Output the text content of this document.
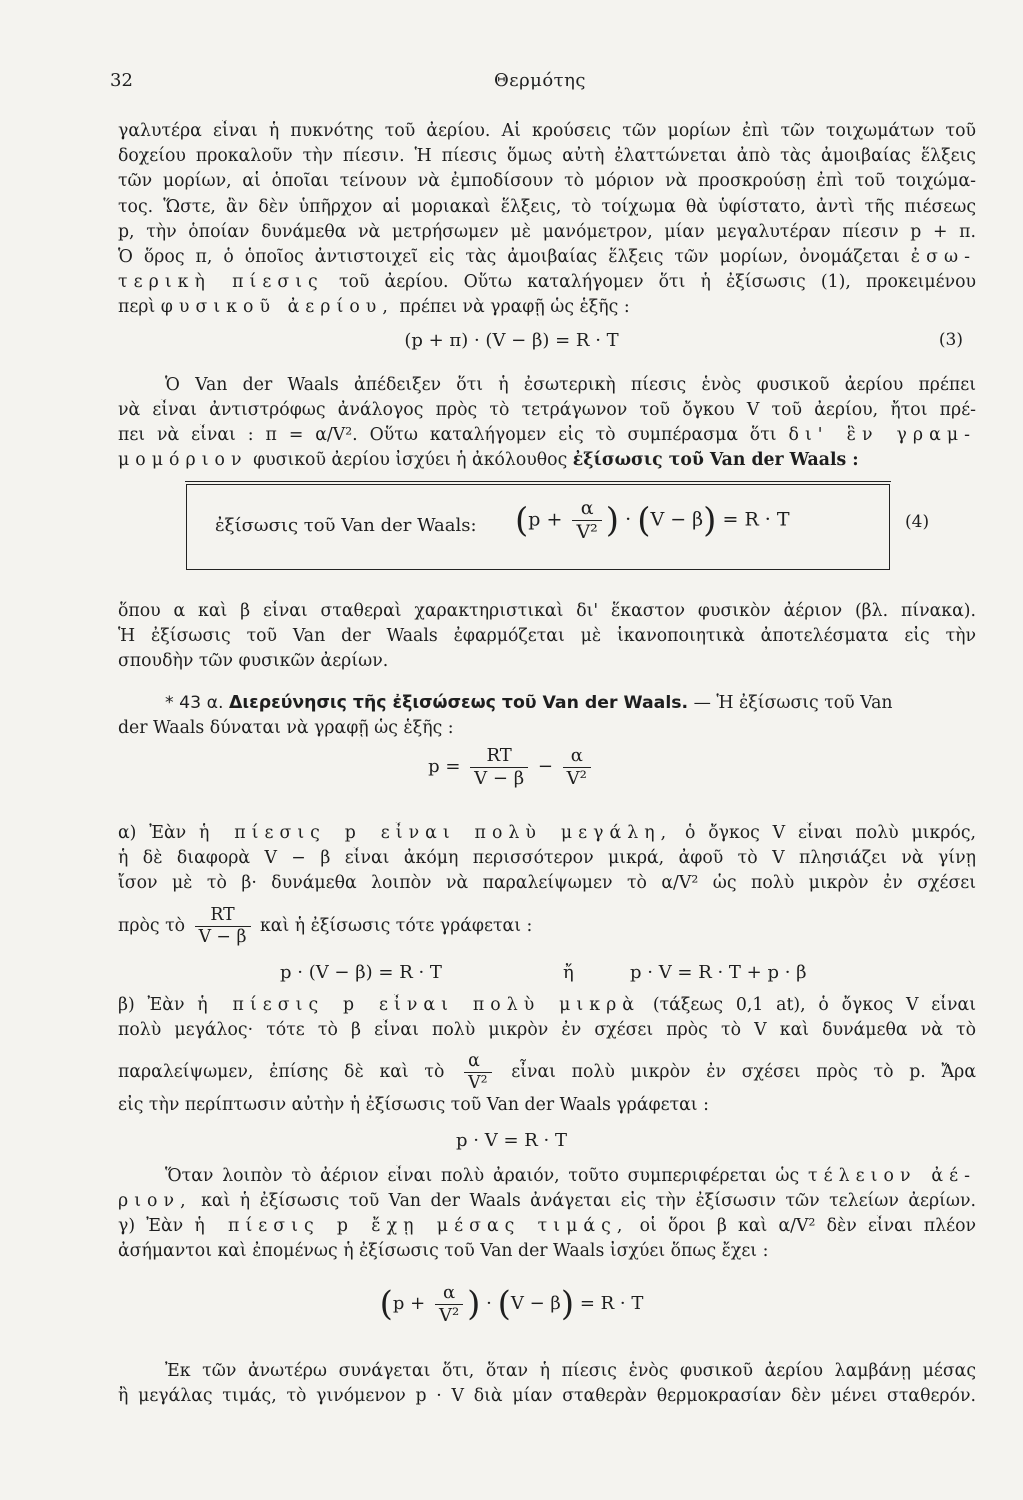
32	Θερμότης
γαλυτέρα εἶναι ἡ πυκνότης τοῦ ἀερίου. Αἱ κρούσεις τῶν μορίων ἐπὶ τῶν τοιχωμάτων τοῦ
δοχείου προκαλοῦν τὴν πίεσιν. Ἡ πίεσις ὅμως αὐτὴ ἐλαττώνεται ἀπὸ τὰς ἀμοιβαίας ἕλξεις
τῶν μορίων, αἱ ὁποῖαι τείνουν νὰ ἐμποδίσουν τὸ μόριον νὰ προσκρούσῃ ἐπὶ τοῦ τοιχώμα-
τος. Ὥστε, ἂν δὲν ὑπῆρχον αἱ μοριακαὶ ἕλξεις, τὸ τοίχωμα θὰ ὑφίστατο, ἀντὶ τῆς πιέσεως
p, τὴν ὁποίαν δυνάμεθα νὰ μετρήσωμεν μὲ μανόμετρον, μίαν μεγαλυτέραν πίεσιν p + π.
Ὁ ὅρος π, ὁ ὁποῖος ἀντιστοιχεῖ εἰς τὰς ἀμοιβαίας ἕλξεις τῶν μορίων, ὀνομάζεται ἐσω-
τερικὴ πίεσις τοῦ ἀερίου. Οὕτω καταλήγομεν ὅτι ἡ ἐξίσωσις (1), προκειμένου
περὶ φυσικοῦ ἀερίου, πρέπει νὰ γραφῇ ὡς ἑξῆς :
(p + π) · (V − β) = R · T	(3)
Ὁ Van der Waals ἀπέδειξεν ὅτι ἡ ἐσωτερικὴ πίεσις ἑνὸς φυσικοῦ ἀερίου πρέπει
νὰ εἶναι ἀντιστρόφως ἀνάλογος πρὸς τὸ τετράγωνον τοῦ ὄγκου V τοῦ ἀερίου, ἤτοι πρέ-
πει νὰ εἶναι : π = α/V². Οὕτω καταλήγομεν εἰς τὸ συμπέρασμα ὅτι δι' ἓν γραμ-
μομόριον φυσικοῦ ἀερίου ἰσχύει ἡ ἀκόλουθος ἐξίσωσις τοῦ Van der Waals :
ἐξίσωσις τοῦ Van der Waals: ($p + \frac{\alpha}{\text{V²}}$ ) · (V − β) = R · T	(4)
ὅπου α καὶ β εἶναι σταθεραὶ χαρακτηριστικαὶ δι' ἕκαστον φυσικὸν ἀέριον (βλ. πίνακα).
Ἡ ἐξίσωσις τοῦ Van der Waals ἐφαρμόζεται μὲ ἱκανοποιητικὰ ἀποτελέσματα εἰς τὴν
σπουδὴν τῶν φυσικῶν ἀερίων.
* 43 α. Διερεύνησις τῆς ἐξισώσεως τοῦ Van der Waals. — Ἡ ἐξίσωσις τοῦ Van
der Waals δύναται νὰ γραφῇ ὡς ἑξῆς :
$p = \frac{RT}{V - \beta} - \frac{\alpha}{\text{V²}}$
α) Ἐὰν ἡ πίεσις p εἶναι πολὺ μεγάλη, ὁ ὄγκος V εἶναι πολὺ μικρός,
ἡ δὲ διαφορὰ V − β εἶναι ἀκόμη περισσότερον μικρά, ἀφοῦ τὸ V πλησιάζει νὰ γίνῃ
ἴσον μὲ τὸ β· δυνάμεθα λοιπὸν νὰ παραλείψωμεν τὸ α/V² ὡς πολὺ μικρὸν ἐν σχέσει
πρὸς τὸ $\frac{RT}{V - \beta}$ καὶ ἡ ἐξίσωσις τότε γράφεται :
p · (V − β) = R · T	ἤ	p · V = R · T + p · β
β) Ἐὰν ἡ πίεσις p εἶναι πολὺ μικρὰ (τάξεως 0,1 at), ὁ ὄγκος V εἶναι
πολὺ μεγάλος· τότε τὸ β εἶναι πολὺ μικρὸν ἐν σχέσει πρὸς τὸ V καὶ δυνάμεθα νὰ τὸ
παραλείψωμεν, ἐπίσης δὲ καὶ τὸ $\frac{\alpha}{\text{V²}}$ εἶναι πολὺ μικρὸν ἐν σχέσει πρὸς τὸ p. Ἄρα
εἰς τὴν περίπτωσιν αὐτὴν ἡ ἐξίσωσις τοῦ Van der Waals γράφεται :
p · V = R · T
Ὅταν λοιπὸν τὸ ἀέριον εἶναι πολὺ ἀραιόν, τοῦτο συμπεριφέρεται ὡς τέλειον ἀέ-
ριον, καὶ ἡ ἐξίσωσις τοῦ Van der Waals ἀνάγεται εἰς τὴν ἐξίσωσιν τῶν τελείων ἀερίων.
γ) Ἐὰν ἡ πίεσις p ἔχῃ μέσας τιμάς, οἱ ὅροι β καὶ α/V² δὲν εἶναι πλέον
ἀσήμαντοι καὶ ἐπομένως ἡ ἐξίσωσις τοῦ Van der Waals ἰσχύει ὅπως ἔχει :
($p + \frac{\alpha}{\text{V²}}$ ) · (V − β) = R · T
Ἐκ τῶν ἀνωτέρω συνάγεται ὅτι, ὅταν ἡ πίεσις ἑνὸς φυσικοῦ ἀερίου λαμβάνῃ μέσας
ἢ μεγάλας τιμάς, τὸ γινόμενον p · V διὰ μίαν σταθερὰν θερμοκρασίαν δὲν μένει σταθερόν.
